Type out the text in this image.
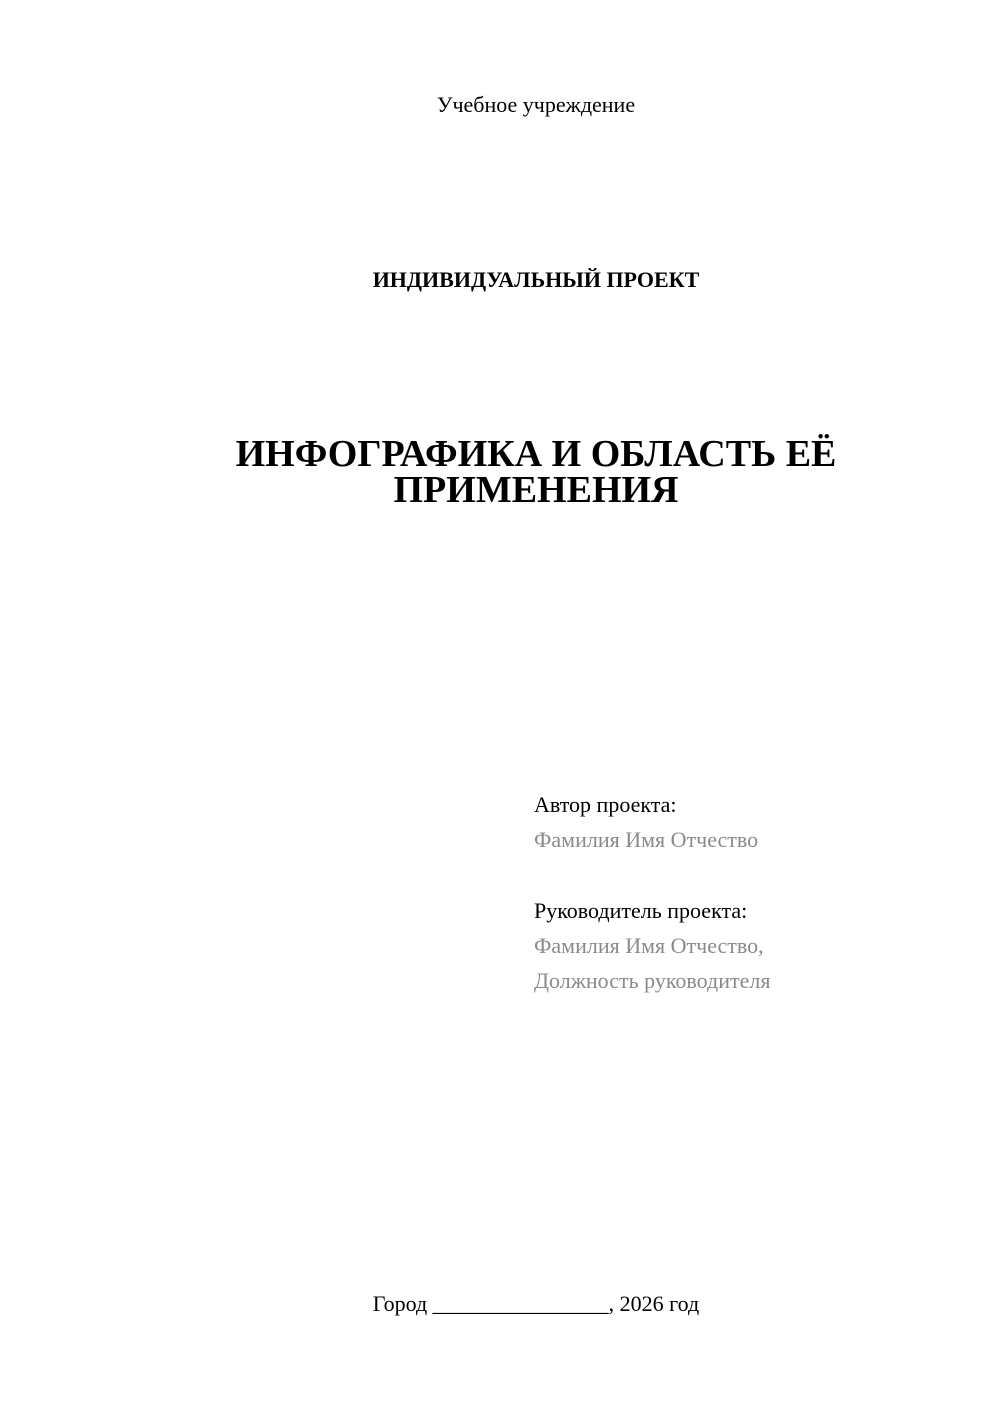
Учебное учреждение
ИНДИВИДУАЛЬНЫЙ ПРОЕКТ
ИНФОГРАФИКА И ОБЛАСТЬ ЕЁ
ПРИМЕНЕНИЯ
Автор проекта:
Фамилия Имя Отчество
Руководитель проекта:
Фамилия Имя Отчество,
Должность руководителя
Город ________________, 2026 год
